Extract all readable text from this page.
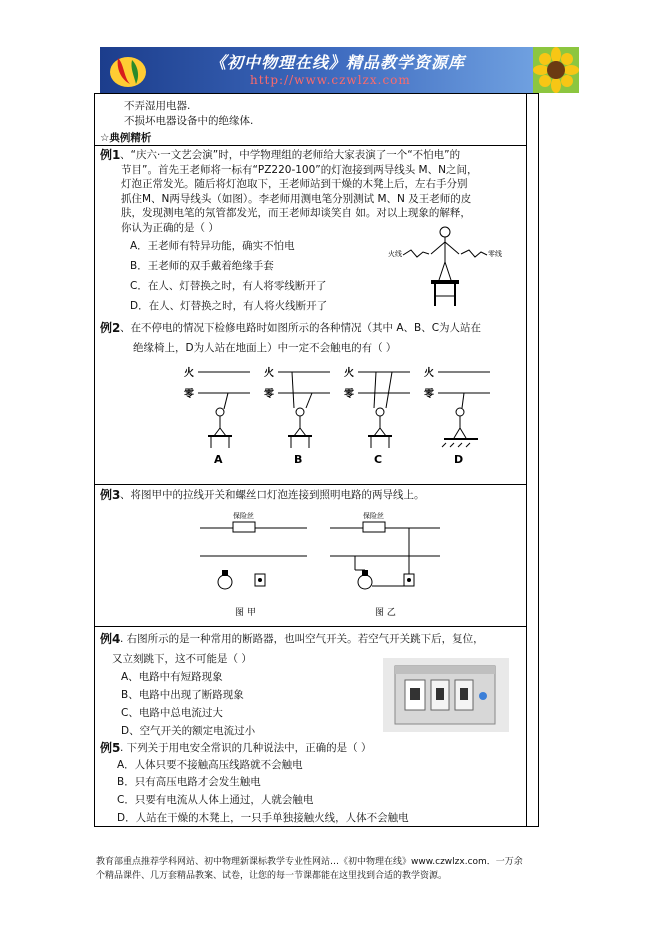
《初中物理在线》精品教学资源库
http://www.czwlzx.com
不弄湿用电器.
不损坏电器设备中的绝缘体.
☆典例精析
例1 、“庆六·一文艺会演”时，中学物理组的老师给大家表演了一个“不怕电”的
节目”。首先王老师将一标有“PZ220-100”的灯泡接到两导线头 M、N之间，
灯泡正常发光。随后将灯泡取下，王老师站到干燥的木凳上后，左右手分别
抓住M、N两导线头（如图）。李老师用测电笔分别测试 M、N 及王老师的皮
肤，发现测电笔的氖管都发光，而王老师却谈笑自 如。对以上现象的解释，
你认为正确的是（ ）
A．王老师有特异功能，确实不怕电
B．王老师的双手戴着绝缘手套
C．在人、灯替换之时，有人将零线断开了
D．在人、灯替换之时，有人将火线断开了
火线	零线
例2 、在不停电的情况下检修电路时如图所示的各种情况（其中 A、B、C为人站在
绝缘椅上，D为人站在地面上）中一定不会触电的有（ ）
火
零
A
火
零
B
火
零
C
火
零
D
例3 、将图甲中的拉线开关和螺丝口灯泡连接到照明电路的两导线上。
保险丝
图 甲
保险丝
图 乙
例4 . 右图所示的是一种常用的断路器，也叫空气开关。若空气开关跳下后，复位，
又立刻跳下，这不可能是（ ）
A、电路中有短路现象
B、电路中出现了断路现象
C、电路中总电流过大
D、空气开关的额定电流过小
例5 . 下列关于用电安全常识的几种说法中，正确的是（ ）
A．人体只要不接触高压线路就不会触电
B．只有高压电路才会发生触电
C．只要有电流从人体上通过，人就会触电
D．人站在干燥的木凳上，一只手单独接触火线，人体不会触电
教育部重点推荐学科网站、初中物理新课标教学专业性网站…《初中物理在线》www.czwlzx.com．一万余
个精品课件、几万套精品教案、试卷，让您的每一节课都能在这里找到合适的教学资源。
